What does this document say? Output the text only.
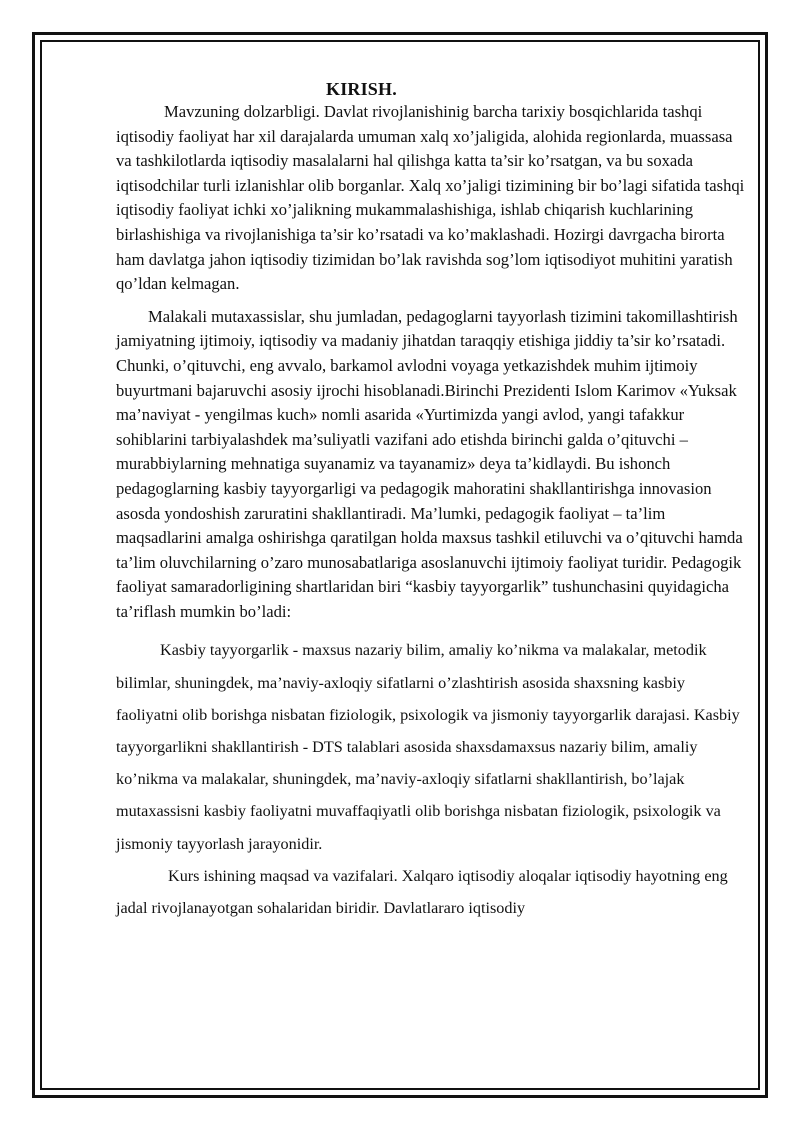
KIRISH.

Mavzuning dolzarbligi. Davlat rivojlanishinig barcha tarixiy bosqichlarida tashqi iqtisodiy faoliyat har xil darajalarda umuman xalq xo’jaligida, alohida regionlarda, muassasa va tashkilotlarda iqtisodiy masalalarni hal qilishga katta ta’sir ko’rsatgan, va bu soxada iqtisodchilar turli izlanishlar olib borganlar. Xalq xo’jaligi tizimining bir bo’lagi sifatida tashqi iqtisodiy faoliyat ichki xo’jalikning mukammalashishiga, ishlab chiqarish kuchlarining birlashishiga va rivojlanishiga ta’sir ko’rsatadi va ko’maklashadi. Hozirgi davrgacha birorta ham davlatga jahon iqtisodiy tizimidan bo’lak ravishda sog’lom iqtisodiyot muhitini yaratish qo’ldan kelmagan.

Malakali mutaxassislar, shu jumladan, pedagoglarni tayyorlash tizimini takomillashtirish jamiyatning ijtimoiy, iqtisodiy va madaniy jihatdan taraqqiy etishiga jiddiy ta’sir ko’rsatadi. Chunki, o’qituvchi, eng avvalo, barkamol avlodni voyaga yetkazishdek muhim ijtimoiy buyurtmani bajaruvchi asosiy ijrochi hisoblanadi.Birinchi Prezidenti Islom Karimov «Yuksak ma’naviyat - yengilmas kuch» nomli asarida «Yurtimizda yangi avlod, yangi tafakkur sohiblarini tarbiyalashdek ma’suliyatli vazifani ado etishda birinchi galda o’qituvchi – murabbiylarning mehnatiga suyanamiz va tayanamiz» deya ta’kidlaydi. Bu ishonch pedagoglarning kasbiy tayyorgarligi va pedagogik mahoratini shakllantirishga innovasion asosda yondoshish zaruratini shakllantiradi. Ma’lumki, pedagogik faoliyat – ta’lim maqsadlarini amalga oshirishga qaratilgan holda maxsus tashkil etiluvchi va o’qituvchi hamda ta’lim oluvchilarning o’zaro munosabatlariga asoslanuvchi ijtimoiy faoliyat turidir. Pedagogik faoliyat samaradorligining shartlaridan biri “kasbiy tayyorgarlik” tushunchasini quyidagicha ta’riflash mumkin bo’ladi:

Kasbiy tayyorgarlik - maxsus nazariy bilim, amaliy ko’nikma va malakalar, metodik bilimlar, shuningdek, ma’naviy-axloqiy sifatlarni o’zlashtirish asosida shaxsning kasbiy faoliyatni olib borishga nisbatan fiziologik, psixologik va jismoniy tayyorgarlik darajasi. Kasbiy tayyorgarlikni shakllantirish - DTS talablari asosida shaxsdamaxsus nazariy bilim, amaliy ko’nikma va malakalar, shuningdek, ma’naviy-axloqiy sifatlarni shakllantirish, bo’lajak mutaxassisni kasbiy faoliyatni muvaffaqiyatli olib borishga nisbatan fiziologik, psixologik va jismoniy tayyorlash jarayonidir.

Kurs ishining maqsad va vazifalari. Xalqaro iqtisodiy aloqalar iqtisodiy hayotning eng jadal rivojlanayotgan sohalaridan biridir. Davlatlararo iqtisodiy
